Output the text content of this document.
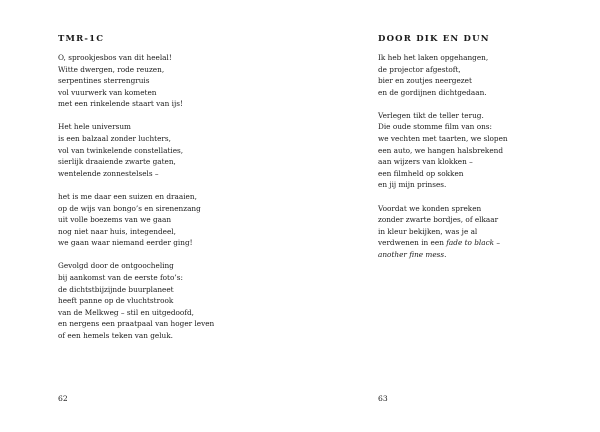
TMR-1C
O, sprookjesbos van dit heelal!
Witte dwergen, rode reuzen,
serpentines sterrengruis
vol vuurwerk van kometen
met een rinkelende staart van ijs!
Het hele universum
is een balzaal zonder luchters,
vol van twinkelende constellaties,
sierlijk draaiende zwarte gaten,
wentelende zonnestelsels –
het is me daar een suizen en draaien,
op de wijs van bongo’s en sirenenzang
uit volle boezems van we gaan
nog niet naar huis, integendeel,
we gaan waar niemand eerder ging!
Gevolgd door de ontgoocheling
bij aankomst van de eerste foto’s:
de dichtstbijzijnde buurplaneet
heeft panne op de vluchtstrook
van de Melkweg – stil en uitgedoofd,
en nergens een praatpaal van hoger leven
of een hemels teken van geluk.
62
DOOR DIK EN DUN
Ik heb het laken opgehangen,
de projector afgestoft,
bier en zoutjes neergezet
en de gordijnen dichtgedaan.
Verlegen tikt de teller terug.
Die oude stomme film van ons:
we vechten met taarten, we slopen
een auto, we hangen halsbrekend
aan wijzers van klokken –
een filmheld op sokken
en jij mijn prinses.
Voordat we konden spreken
zonder zwarte bordjes, of elkaar
in kleur bekijken, was je al
verdwenen in een fade to black –
another fine mess.
63
